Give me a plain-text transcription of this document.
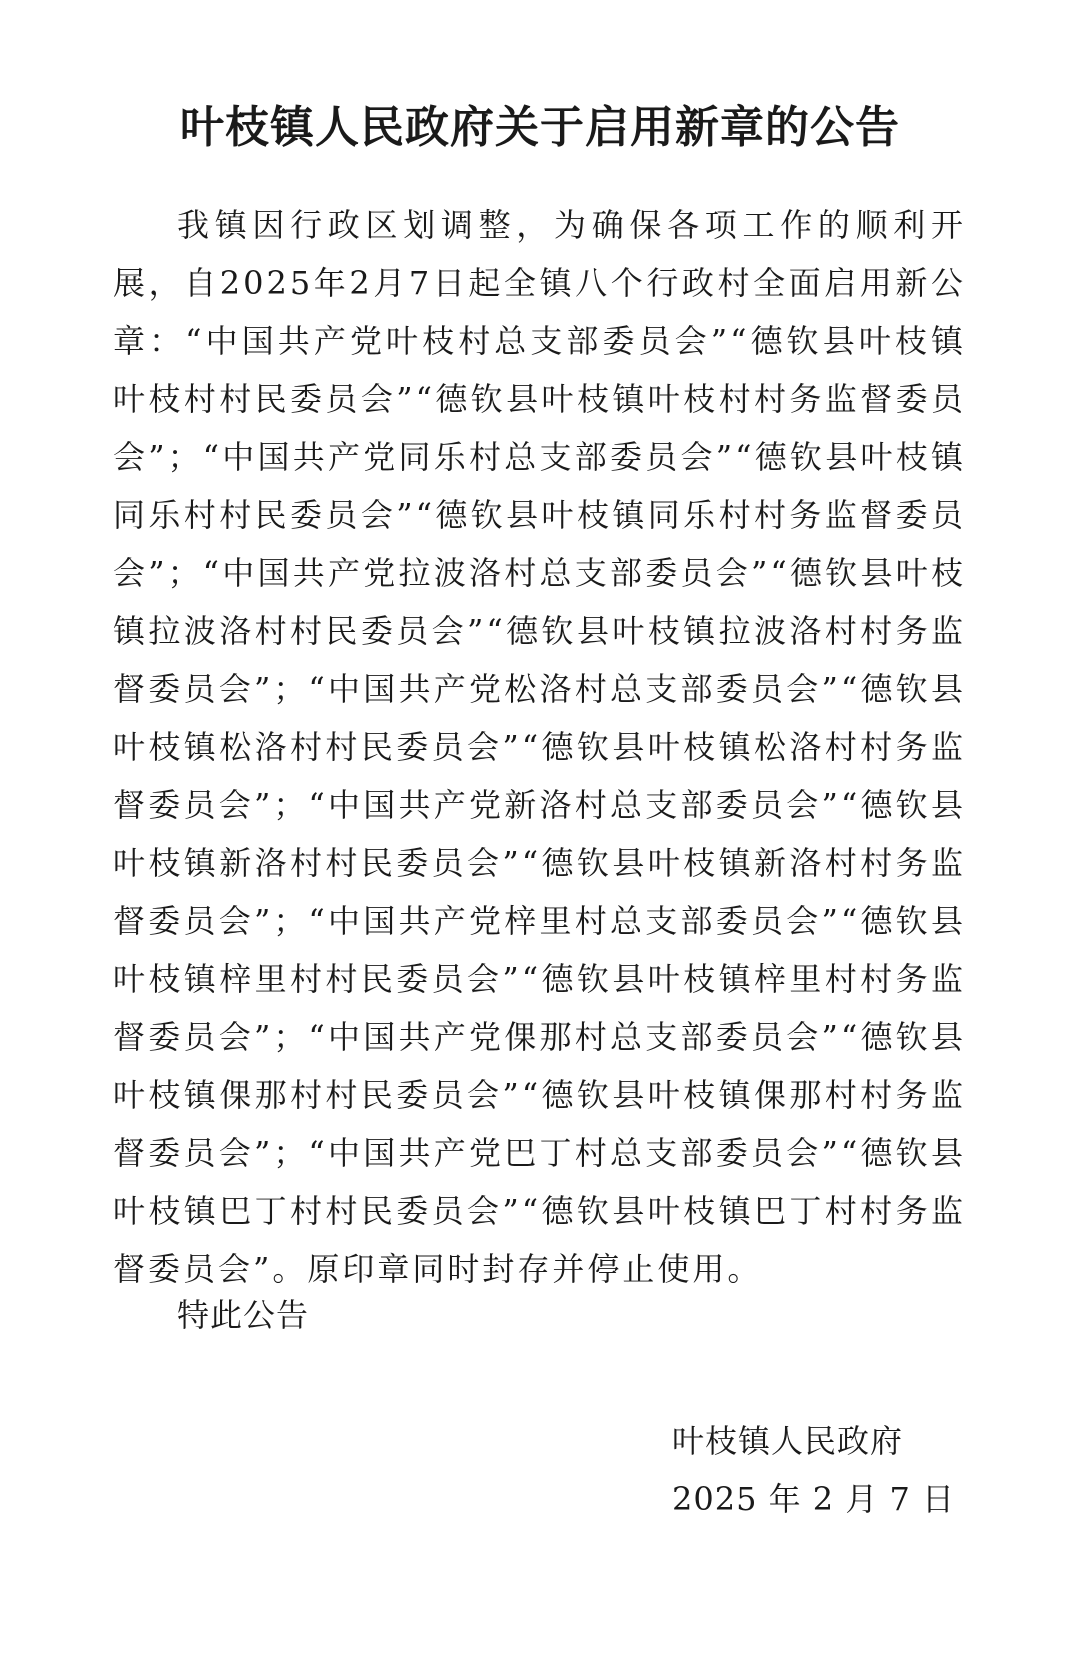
叶枝镇人民政府关于启用新章的公告

我镇因行政区划调整，为确保各项工作的顺利开展，自2025年2月7日起全镇八个行政村全面启用新公章：“中国共产党叶枝村总支部委员会”“德钦县叶枝镇叶枝村村民委员会”“德钦县叶枝镇叶枝村村务监督委员会”；“中国共产党同乐村总支部委员会”“德钦县叶枝镇同乐村村民委员会”“德钦县叶枝镇同乐村村务监督委员会”；“中国共产党拉波洛村总支部委员会”“德钦县叶枝镇拉波洛村村民委员会”“德钦县叶枝镇拉波洛村村务监督委员会”；“中国共产党松洛村总支部委员会”“德钦县叶枝镇松洛村村民委员会”“德钦县叶枝镇松洛村村务监督委员会”；“中国共产党新洛村总支部委员会”“德钦县叶枝镇新洛村村民委员会”“德钦县叶枝镇新洛村村务监督委员会”；“中国共产党梓里村总支部委员会”“德钦县叶枝镇梓里村村民委员会”“德钦县叶枝镇梓里村村务监督委员会”；“中国共产党倮那村总支部委员会”“德钦县叶枝镇倮那村村民委员会”“德钦县叶枝镇倮那村村务监督委员会”；“中国共产党巴丁村总支部委员会”“德钦县叶枝镇巴丁村村民委员会”“德钦县叶枝镇巴丁村村务监督委员会”。原印章同时封存并停止使用。

特此公告

叶枝镇人民政府
2025 年 2 月 7 日
